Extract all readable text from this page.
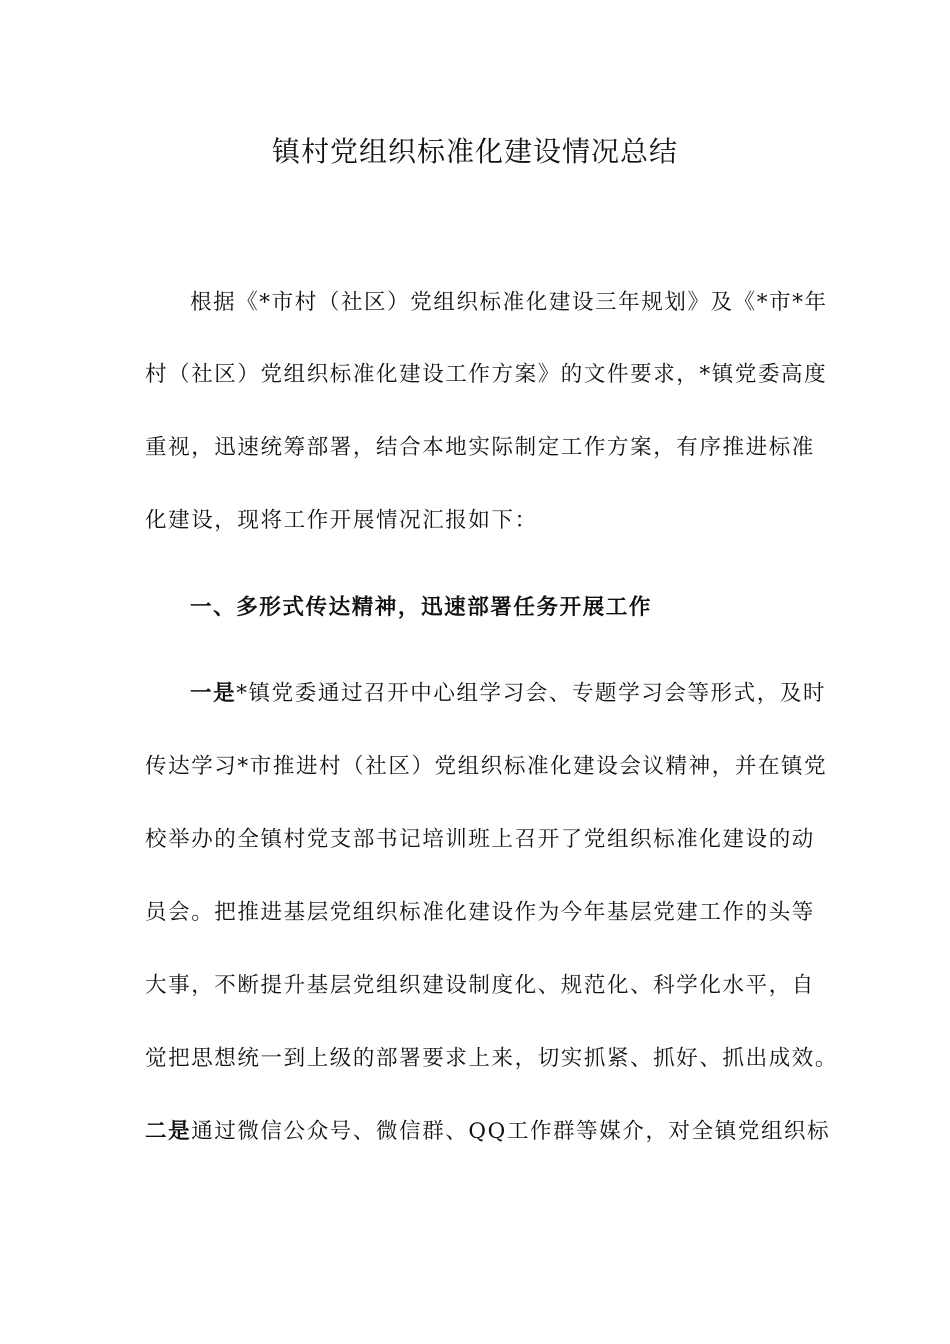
镇村党组织标准化建设情况总结
根据《*市村（社区）党组织标准化建设三年规划》及《*市*年
村（社区）党组织标准化建设工作方案》的文件要求，*镇党委高度
重视，迅速统筹部署，结合本地实际制定工作方案，有序推进标准
化建设，现将工作开展情况汇报如下：
一、多形式传达精神，迅速部署任务开展工作
一是*镇党委通过召开中心组学习会、专题学习会等形式，及时
传达学习*市推进村（社区）党组织标准化建设会议精神，并在镇党
校举办的全镇村党支部书记培训班上召开了党组织标准化建设的动
员会。把推进基层党组织标准化建设作为今年基层党建工作的头等
大事，不断提升基层党组织建设制度化、规范化、科学化水平，自
觉把思想统一到上级的部署要求上来，切实抓紧、抓好、抓出成效。
二是通过微信公众号、微信群、QQ工作群等媒介，对全镇党组织标
